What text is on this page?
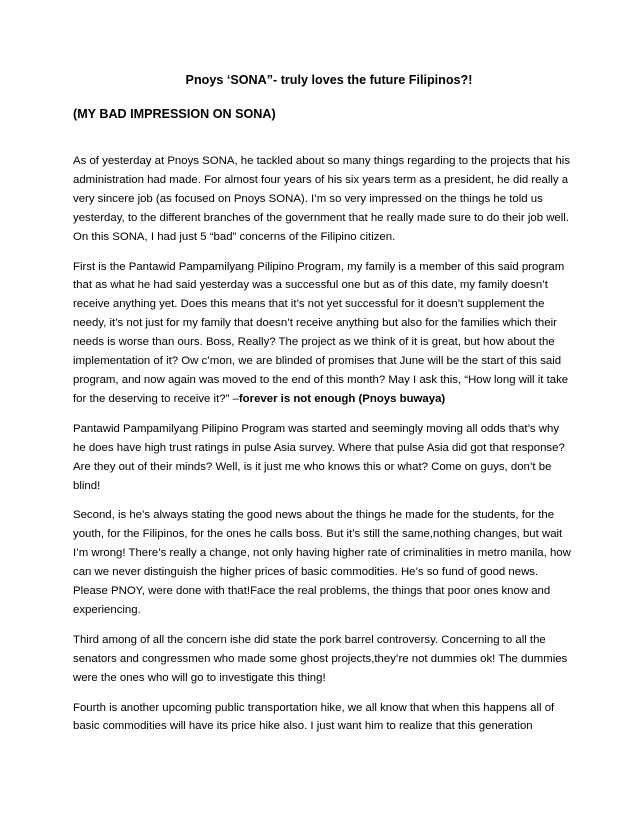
Pnoys ‘SONA”- truly loves the future Filipinos?!
(MY BAD IMPRESSION ON SONA)

As of yesterday at Pnoys SONA, he tackled about so many things regarding to the projects that his administration had made. For almost four years of his six years term as a president, he did really a very sincere job (as focused on Pnoys SONA). I’m so very impressed on the things he told us yesterday, to the different branches of the government that he really made sure to do their job well. On this SONA, I had just 5 “bad” concerns of the Filipino citizen.

First is the Pantawid Pampamilyang Pilipino Program, my family is a member of this said program that as what he had said yesterday was a successful one but as of this date, my family doesn’t receive anything yet. Does this means that it’s not yet successful for it doesn’t supplement the needy, it’s not just for my family that doesn’t receive anything but also for the families which their needs is worse than ours. Boss, Really? The project as we think of it is great, but how about the implementation of it? Ow c’mon, we are blinded of promises that June will be the start of this said program, and now again was moved to the end of this month? May I ask this, “How long will it take for the deserving to receive it?” –forever is not enough (Pnoys buwaya)

Pantawid Pampamilyang Pilipino Program was started and seemingly moving all odds that’s why he does have high trust ratings in pulse Asia survey. Where that pulse Asia did got that response? Are they out of their minds? Well, is it just me who knows this or what? Come on guys, don’t be blind!

Second, is he’s always stating the good news about the things he made for the students, for the youth, for the Filipinos, for the ones he calls boss. But it’s still the same,nothing changes, but wait I’m wrong! There’s really a change, not only having higher rate of criminalities in metro manila, how can we never distinguish the higher prices of basic commodities. He’s so fund of good news. Please PNOY, were done with that!Face the real problems, the things that poor ones know and experiencing.

Third among of all the concern ishe did state the pork barrel controversy. Concerning to all the senators and congressmen who made some ghost projects,they’re not dummies ok! The dummies were the ones who will go to investigate this thing!

Fourth is another upcoming public transportation hike, we all know that when this happens all of basic commodities will have its price hike also. I just want him to realize that this generation
